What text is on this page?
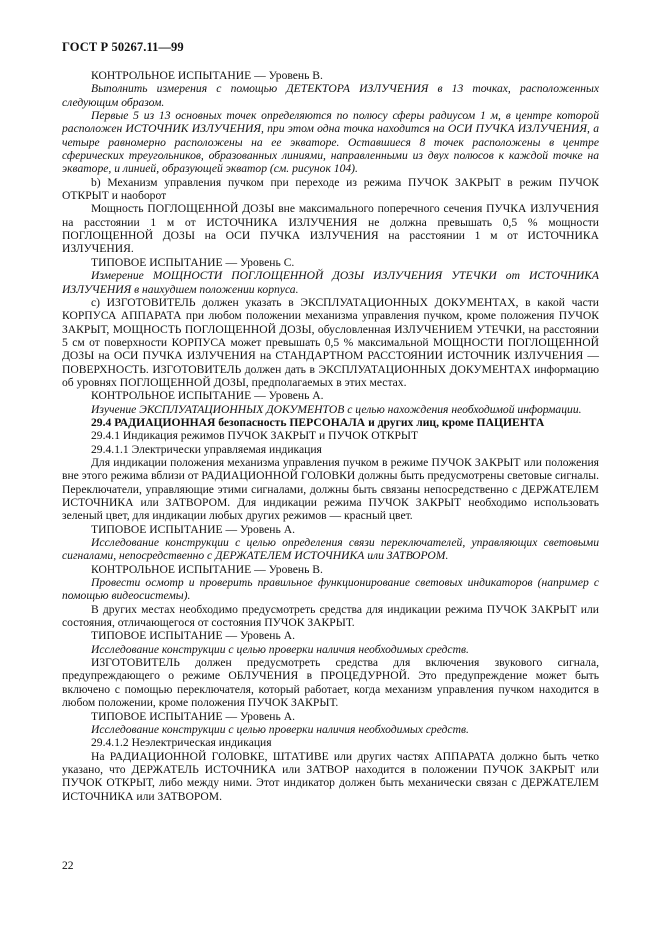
ГОСТ Р 50267.11—99

КОНТРОЛЬНОЕ ИСПЫТАНИЕ — Уровень В.

Выполнить измерения с помощью ДЕТЕКТОРА ИЗЛУЧЕНИЯ в 13 точках, расположенных следующим образом.

Первые 5 из 13 основных точек определяются по полюсу сферы радиусом 1 м, в центре которой расположен ИСТОЧНИК ИЗЛУЧЕНИЯ, при этом одна точка находится на ОСИ ПУЧКА ИЗЛУЧЕНИЯ, а четыре равномерно расположены на ее экваторе. Оставшиеся 8 точек расположены в центре сферических треугольников, образованных линиями, направленными из двух полюсов к каждой точке на экваторе, и линией, образующей экватор (см. рисунок 104).

b) Механизм управления пучком при переходе из режима ПУЧОК ЗАКРЫТ в режим ПУЧОК ОТКРЫТ и наоборот

Мощность ПОГЛОЩЕННОЙ ДОЗЫ вне максимального поперечного сечения ПУЧКА ИЗЛУЧЕНИЯ на расстоянии 1 м от ИСТОЧНИКА ИЗЛУЧЕНИЯ не должна превышать 0,5 % мощности ПОГЛОЩЕННОЙ ДОЗЫ на ОСИ ПУЧКА ИЗЛУЧЕНИЯ на расстоянии 1 м от ИСТОЧНИКА ИЗЛУЧЕНИЯ.

ТИПОВОЕ ИСПЫТАНИЕ — Уровень С.

Измерение МОЩНОСТИ ПОГЛОЩЕННОЙ ДОЗЫ ИЗЛУЧЕНИЯ УТЕЧКИ от ИСТОЧНИКА ИЗЛУЧЕНИЯ в наихудшем положении корпуса.

c) ИЗГОТОВИТЕЛЬ должен указать в ЭКСПЛУАТАЦИОННЫХ ДОКУМЕНТАХ, в какой части КОРПУСА АППАРАТА при любом положении механизма управления пучком, кроме положения ПУЧОК ЗАКРЫТ, МОЩНОСТЬ ПОГЛОЩЕННОЙ ДОЗЫ, обусловленная ИЗЛУЧЕНИЕМ УТЕЧКИ, на расстоянии 5 см от поверхности КОРПУСА может превышать 0,5 % максимальной МОЩНОСТИ ПОГЛОЩЕННОЙ ДОЗЫ на ОСИ ПУЧКА ИЗЛУЧЕНИЯ на СТАНДАРТНОМ РАССТОЯНИИ ИСТОЧНИК ИЗЛУЧЕНИЯ — ПОВЕРХНОСТЬ. ИЗГОТОВИТЕЛЬ должен дать в ЭКСПЛУАТАЦИОННЫХ ДОКУМЕНТАХ информацию об уровнях ПОГЛОЩЕННОЙ ДОЗЫ, предполагаемых в этих местах.

КОНТРОЛЬНОЕ ИСПЫТАНИЕ — Уровень А.

Изучение ЭКСПЛУАТАЦИОННЫХ ДОКУМЕНТОВ с целью нахождения необходимой информации.

29.4 РАДИАЦИОННАЯ безопасность ПЕРСОНАЛА и других лиц, кроме ПАЦИЕНТА

29.4.1 Индикация режимов ПУЧОК ЗАКРЫТ и ПУЧОК ОТКРЫТ

29.4.1.1 Электрически управляемая индикация

Для индикации положения механизма управления пучком в режиме ПУЧОК ЗАКРЫТ или положения вне этого режима вблизи от РАДИАЦИОННОЙ ГОЛОВКИ должны быть предусмотрены световые сигналы. Переключатели, управляющие этими сигналами, должны быть связаны непосредственно с ДЕРЖАТЕЛЕМ ИСТОЧНИКА или ЗАТВОРОМ. Для индикации режима ПУЧОК ЗАКРЫТ необходимо использовать зеленый цвет, для индикации любых других режимов — красный цвет.

ТИПОВОЕ ИСПЫТАНИЕ — Уровень А.

Исследование конструкции с целью определения связи переключателей, управляющих световыми сигналами, непосредственно с ДЕРЖАТЕЛЕМ ИСТОЧНИКА или ЗАТВОРОМ.

КОНТРОЛЬНОЕ ИСПЫТАНИЕ — Уровень В.

Провести осмотр и проверить правильное функционирование световых индикаторов (например с помощью видеосистемы).

В других местах необходимо предусмотреть средства для индикации режима ПУЧОК ЗАКРЫТ или состояния, отличающегося от состояния ПУЧОК ЗАКРЫТ.

ТИПОВОЕ ИСПЫТАНИЕ — Уровень А.

Исследование конструкции с целью проверки наличия необходимых средств.

ИЗГОТОВИТЕЛЬ должен предусмотреть средства для включения звукового сигнала, предупреждающего о режиме ОБЛУЧЕНИЯ в ПРОЦЕДУРНОЙ. Это предупреждение может быть включено с помощью переключателя, который работает, когда механизм управления пучком находится в любом положении, кроме положения ПУЧОК ЗАКРЫТ.

ТИПОВОЕ ИСПЫТАНИЕ — Уровень А.

Исследование конструкции с целью проверки наличия необходимых средств.

29.4.1.2 Неэлектрическая индикация

На РАДИАЦИОННОЙ ГОЛОВКЕ, ШТАТИВЕ или других частях АППАРАТА должно быть четко указано, что ДЕРЖАТЕЛЬ ИСТОЧНИКА или ЗАТВОР находится в положении ПУЧОК ЗАКРЫТ или ПУЧОК ОТКРЫТ, либо между ними. Этот индикатор должен быть механически связан с ДЕРЖАТЕЛЕМ ИСТОЧНИКА или ЗАТВОРОМ.

22
